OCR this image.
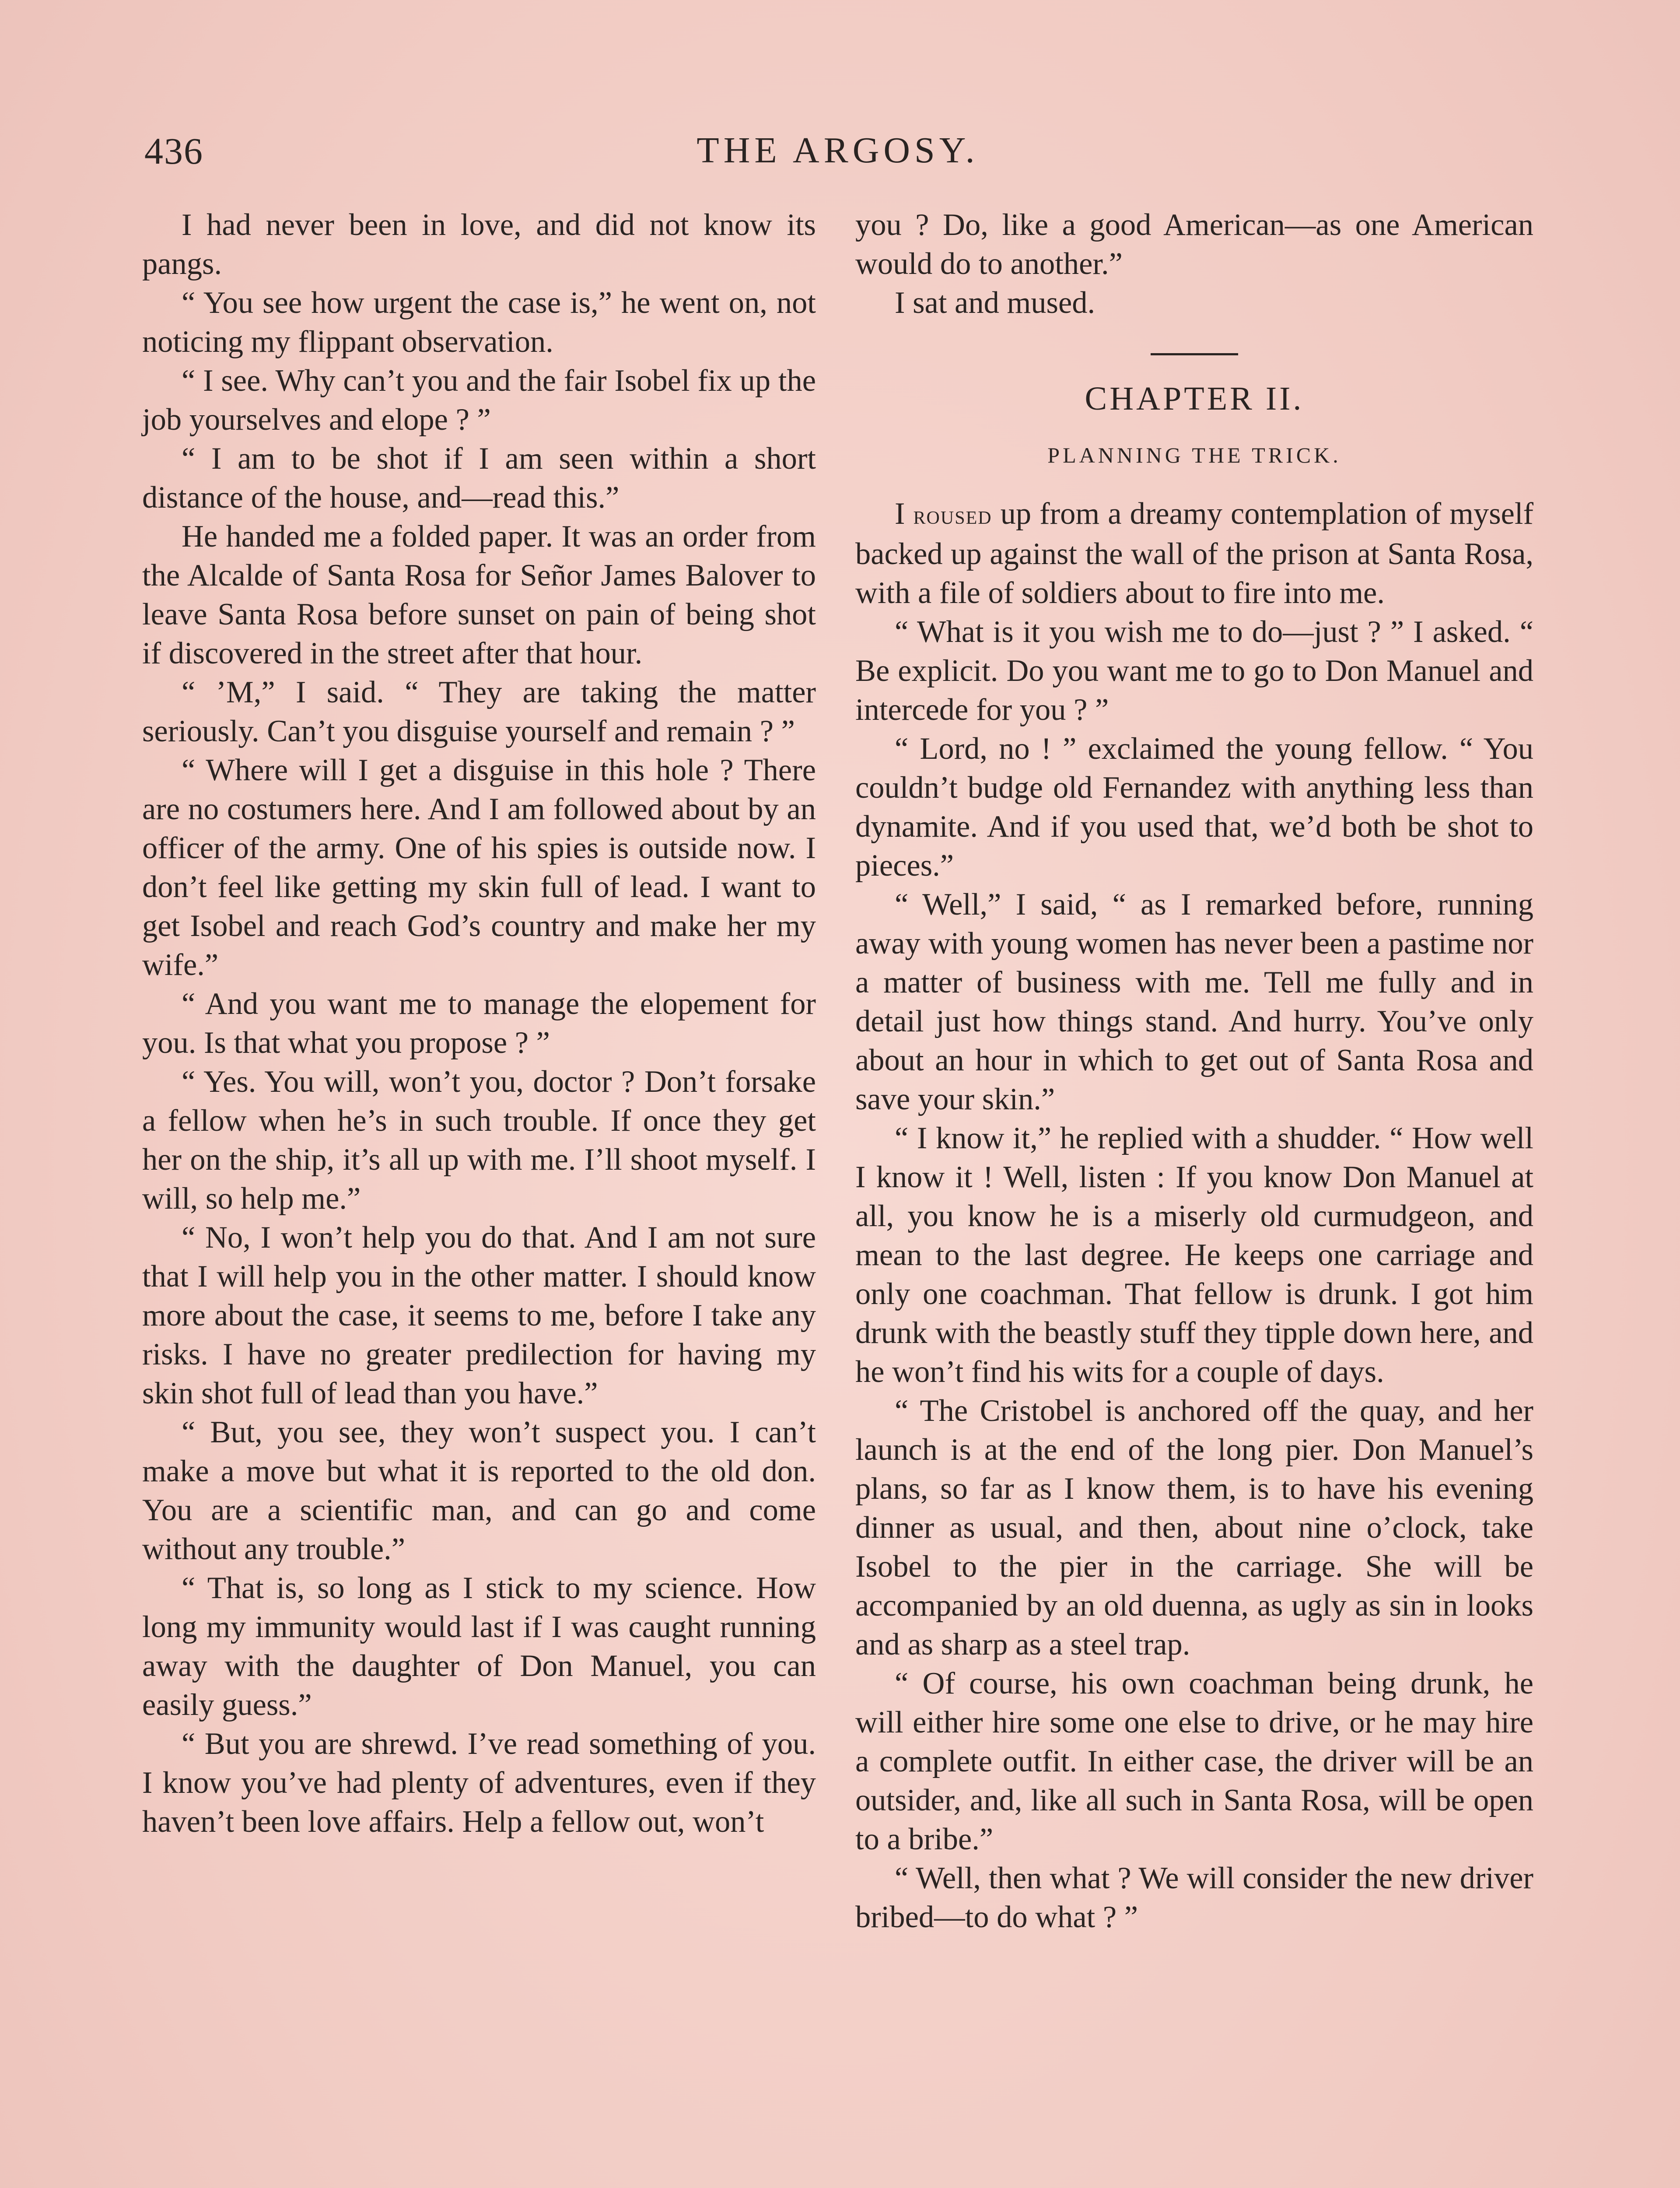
436	THE ARGOSY.

I had never been in love, and did not know its pangs.

“ You see how urgent the case is,” he went on, not noticing my flippant observation.

“ I see. Why can’t you and the fair Isobel fix up the job yourselves and elope ? ”

“ I am to be shot if I am seen within a short distance of the house, and—read this.”

He handed me a folded paper. It was an order from the Alcalde of Santa Rosa for Señor James Balover to leave Santa Rosa before sunset on pain of being shot if discovered in the street after that hour.

“ ’M,” I said. “ They are taking the matter seriously. Can’t you disguise yourself and remain ? ”

“ Where will I get a disguise in this hole ? There are no costumers here. And I am followed about by an officer of the army. One of his spies is outside now. I don’t feel like getting my skin full of lead. I want to get Isobel and reach God’s country and make her my wife.”

“ And you want me to manage the elopement for you. Is that what you propose ? ”

“ Yes. You will, won’t you, doctor ? Don’t forsake a fellow when he’s in such trouble. If once they get her on the ship, it’s all up with me. I’ll shoot myself. I will, so help me.”

“ No, I won’t help you do that. And I am not sure that I will help you in the other matter. I should know more about the case, it seems to me, before I take any risks. I have no greater predilection for having my skin shot full of lead than you have.”

“ But, you see, they won’t suspect you. I can’t make a move but what it is reported to the old don. You are a scientific man, and can go and come without any trouble.”

“ That is, so long as I stick to my science. How long my immunity would last if I was caught running away with the daughter of Don Manuel, you can easily guess.”

“ But you are shrewd. I’ve read something of you. I know you’ve had plenty of adventures, even if they haven’t been love affairs. Help a fellow out, won’t

you ? Do, like a good American—as one American would do to another.”

I sat and mused.

CHAPTER II.
PLANNING THE TRICK.

I roused up from a dreamy contemplation of myself backed up against the wall of the prison at Santa Rosa, with a file of soldiers about to fire into me.

“ What is it you wish me to do—just ? ” I asked. “ Be explicit. Do you want me to go to Don Manuel and intercede for you ? ”

“ Lord, no ! ” exclaimed the young fellow. “ You couldn’t budge old Fernandez with anything less than dynamite. And if you used that, we’d both be shot to pieces.”

“ Well,” I said, “ as I remarked before, running away with young women has never been a pastime nor a matter of business with me. Tell me fully and in detail just how things stand. And hurry. You’ve only about an hour in which to get out of Santa Rosa and save your skin.”

“ I know it,” he replied with a shudder. “ How well I know it ! Well, listen : If you know Don Manuel at all, you know he is a miserly old curmudgeon, and mean to the last degree. He keeps one carriage and only one coachman. That fellow is drunk. I got him drunk with the beastly stuff they tipple down here, and he won’t find his wits for a couple of days.

“ The Cristobel is anchored off the quay, and her launch is at the end of the long pier. Don Manuel’s plans, so far as I know them, is to have his evening dinner as usual, and then, about nine o’clock, take Isobel to the pier in the carriage. She will be accompanied by an old duenna, as ugly as sin in looks and as sharp as a steel trap.

“ Of course, his own coachman being drunk, he will either hire some one else to drive, or he may hire a complete outfit. In either case, the driver will be an outsider, and, like all such in Santa Rosa, will be open to a bribe.”

“ Well, then what ? We will consider the new driver bribed—to do what ? ”
